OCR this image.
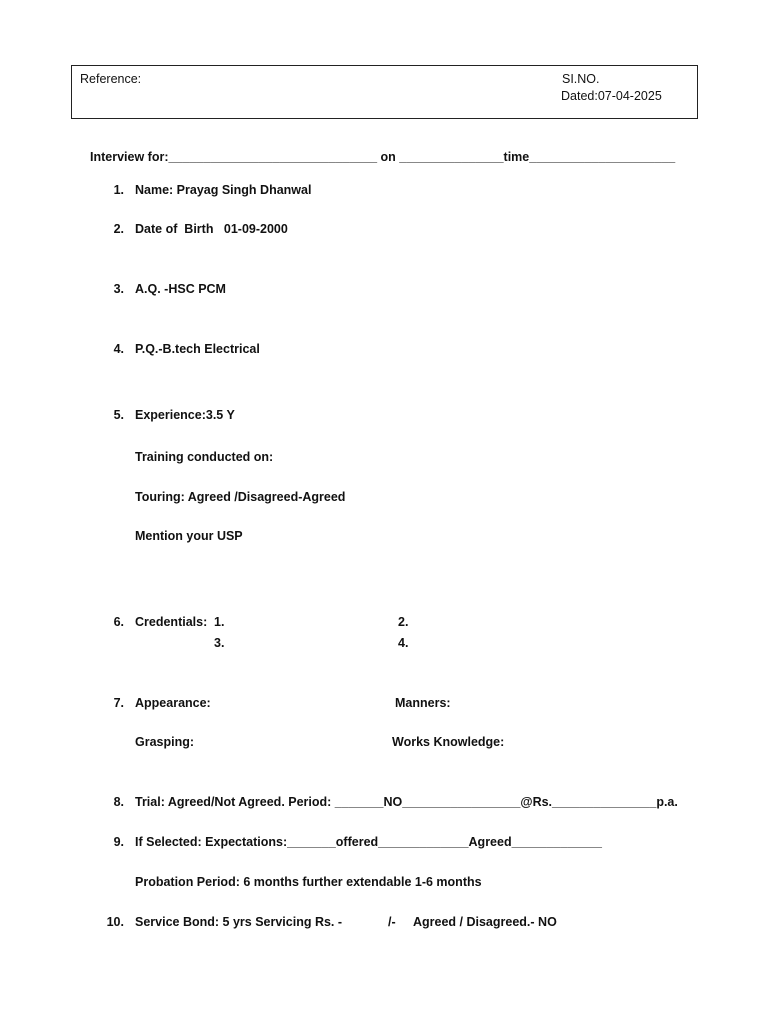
Reference:	SI.NO.
Dated:07-04-2025
Interview for:______________________________ on _______________time_____________________
1. Name: Prayag Singh Dhanwal
2. Date of  Birth   01-09-2000
3. A.Q. -HSC PCM
4. P.Q.-B.tech Electrical
5. Experience:3.5 Y
Training conducted on:
Touring: Agreed /Disagreed-Agreed
Mention your USP
6. Credentials: 1.	2.
3.	4.
7. Appearance:	Manners:
Grasping:	Works Knowledge:
8. Trial: Agreed/Not Agreed. Period: _______NO_________________@Rs._______________p.a.
9. If Selected: Expectations:_______offered_____________Agreed_____________
Probation Period: 6 months further extendable 1-6 months
10. Service Bond: 5 yrs Servicing Rs. -	/- Agreed / Disagreed.- NO
